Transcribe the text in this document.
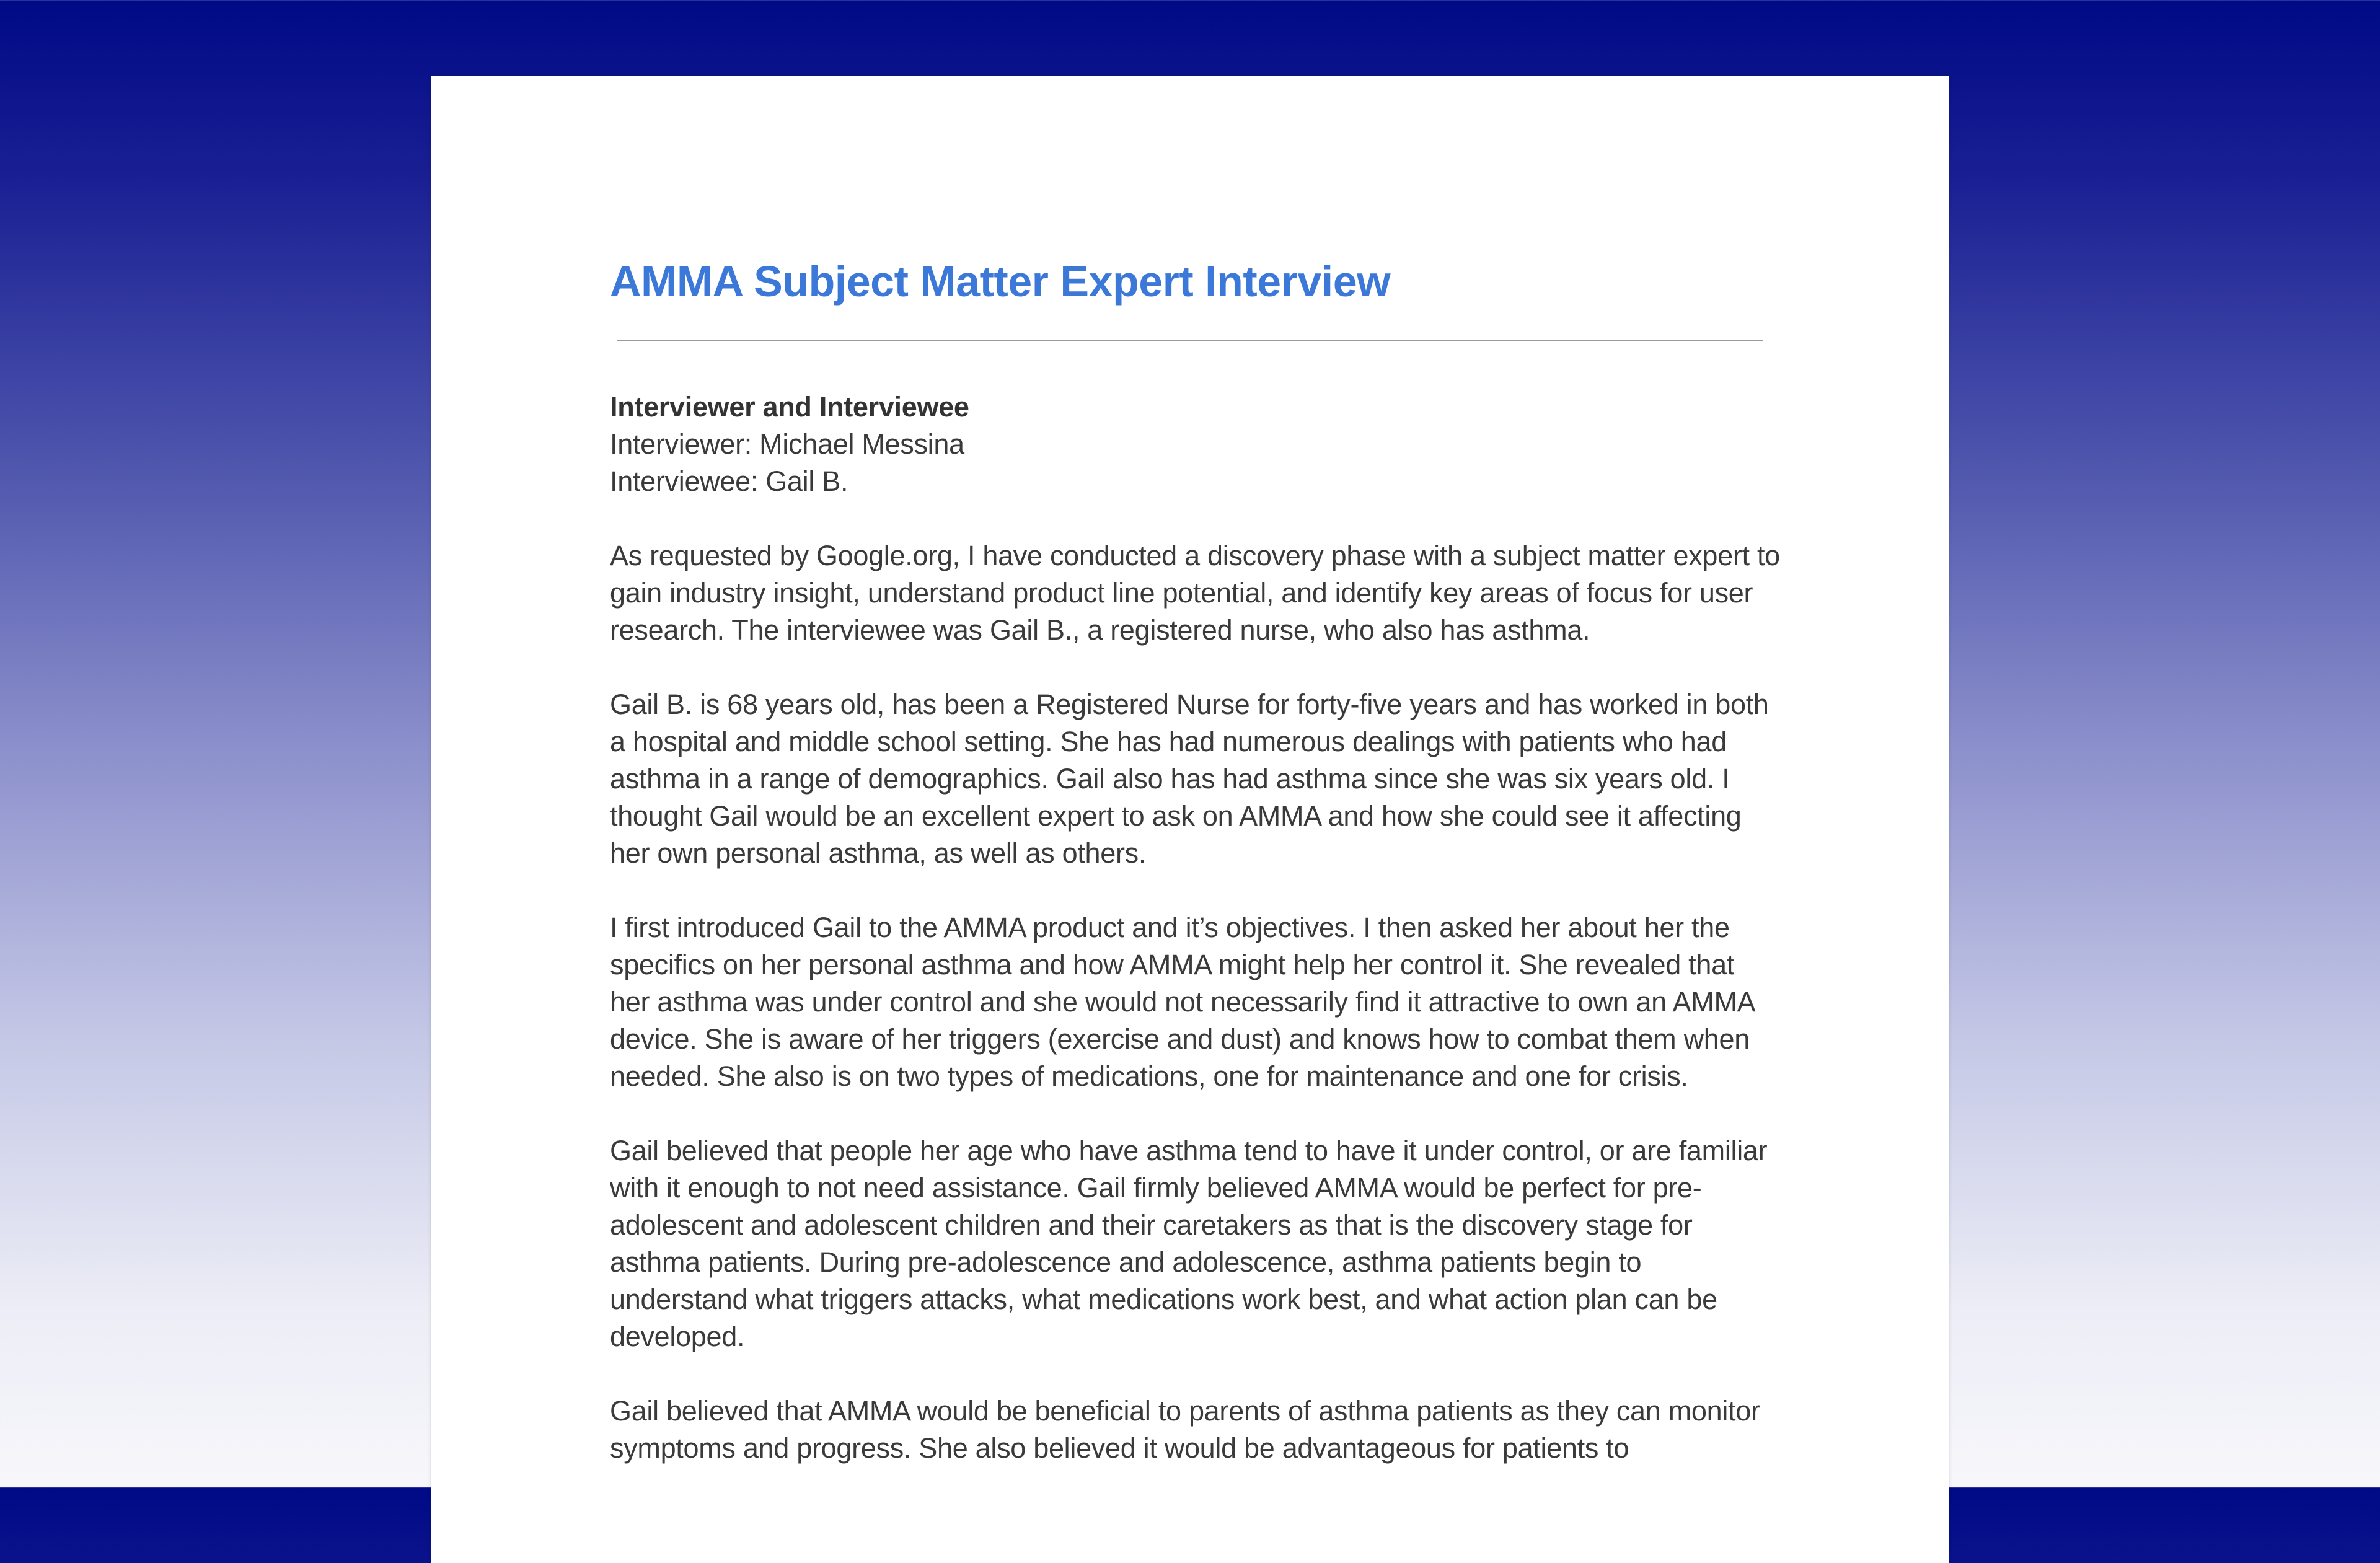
AMMA Subject Matter Expert Interview
Interviewer and Interviewee
Interviewer: Michael Messina
Interviewee: Gail B.

As requested by Google.org, I have conducted a discovery phase with a subject matter expert to gain industry insight, understand product line potential, and identify key areas of focus for user research. The interviewee was Gail B., a registered nurse, who also has asthma.

Gail B. is 68 years old, has been a Registered Nurse for forty-five years and has worked in both a hospital and middle school setting. She has had numerous dealings with patients who had asthma in a range of demographics. Gail also has had asthma since she was six years old. I thought Gail would be an excellent expert to ask on AMMA and how she could see it affecting her own personal asthma, as well as others.

I first introduced Gail to the AMMA product and it’s objectives. I then asked her about her the specifics on her personal asthma and how AMMA might help her control it. She revealed that her asthma was under control and she would not necessarily find it attractive to own an AMMA device. She is aware of her triggers (exercise and dust) and knows how to combat them when needed. She also is on two types of medications, one for maintenance and one for crisis.

Gail believed that people her age who have asthma tend to have it under control, or are familiar with it enough to not need assistance. Gail firmly believed AMMA would be perfect for pre-adolescent and adolescent children and their caretakers as that is the discovery stage for asthma patients. During pre-adolescence and adolescence, asthma patients begin to understand what triggers attacks, what medications work best, and what action plan can be developed.

Gail believed that AMMA would be beneficial to parents of asthma patients as they can monitor symptoms and progress. She also believed it would be advantageous for patients to
